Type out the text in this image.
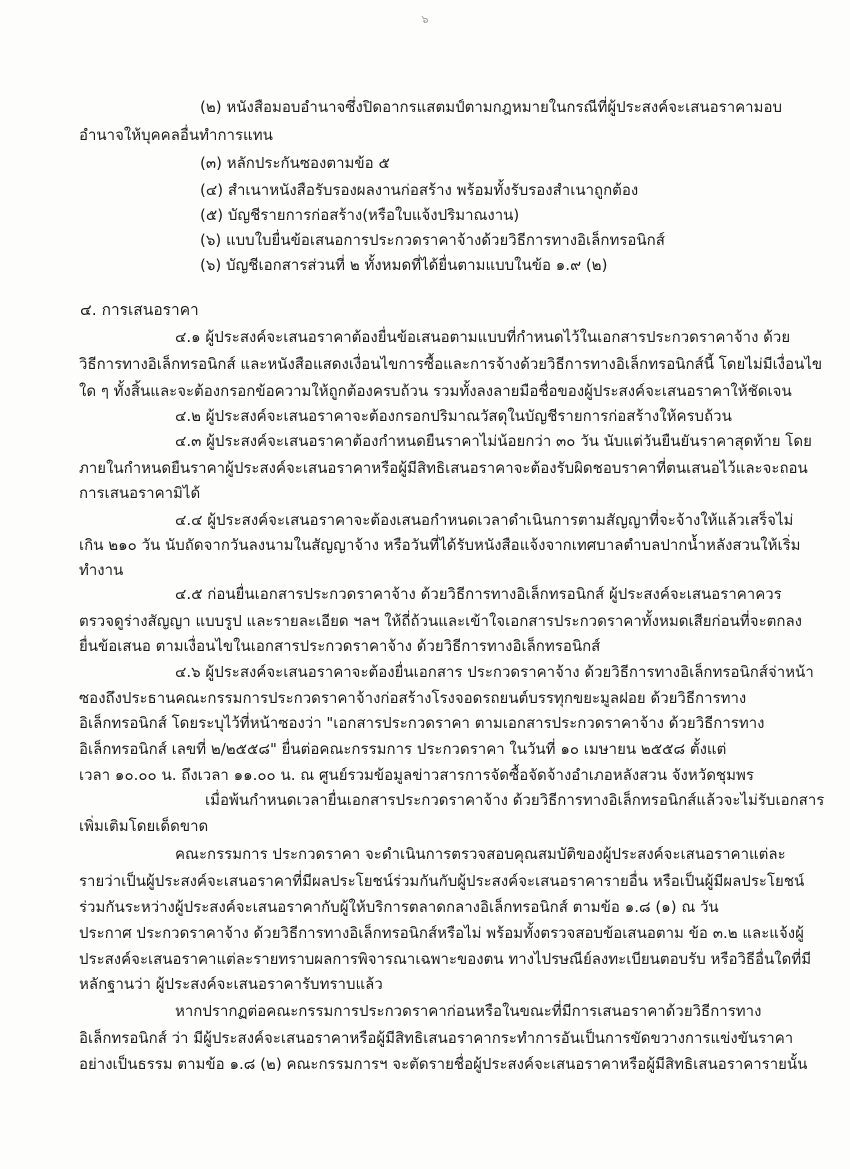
๖
(๒) หนังสือมอบอำนาจซึ่งปิดอากรแสตมป์ตามกฎหมายในกรณีที่ผู้ประสงค์จะเสนอราคามอบ
อำนาจให้บุคคลอื่นทำการแทน
(๓) หลักประกันซองตามข้อ ๕
(๔) สำเนาหนังสือรับรองผลงานก่อสร้าง พร้อมทั้งรับรองสำเนาถูกต้อง
(๕) บัญชีรายการก่อสร้าง(หรือใบแจ้งปริมาณงาน)
(๖) แบบใบยื่นข้อเสนอการประกวดราคาจ้างด้วยวิธีการทางอิเล็กทรอนิกส์
(๖) บัญชีเอกสารส่วนที่ ๒ ทั้งหมดที่ได้ยื่นตามแบบในข้อ ๑.๙ (๒)
๔. การเสนอราคา
๔.๑ ผู้ประสงค์จะเสนอราคาต้องยื่นข้อเสนอตามแบบที่กำหนดไว้ในเอกสารประกวดราคาจ้าง ด้วย
วิธีการทางอิเล็กทรอนิกส์ และหนังสือแสดงเงื่อนไขการซื้อและการจ้างด้วยวิธีการทางอิเล็กทรอนิกส์นี้ โดยไม่มีเงื่อนไข
ใด ๆ ทั้งสิ้นและจะต้องกรอกข้อความให้ถูกต้องครบถ้วน รวมทั้งลงลายมือชื่อของผู้ประสงค์จะเสนอราคาให้ชัดเจน
๔.๒ ผู้ประสงค์จะเสนอราคาจะต้องกรอกปริมาณวัสดุในบัญชีรายการก่อสร้างให้ครบถ้วน
๔.๓ ผู้ประสงค์จะเสนอราคาต้องกำหนดยืนราคาไม่น้อยกว่า ๓๐ วัน นับแต่วันยืนยันราคาสุดท้าย โดย
ภายในกำหนดยืนราคาผู้ประสงค์จะเสนอราคาหรือผู้มีสิทธิเสนอราคาจะต้องรับผิดชอบราคาที่ตนเสนอไว้และจะถอน
การเสนอราคามิได้
๔.๔ ผู้ประสงค์จะเสนอราคาจะต้องเสนอกำหนดเวลาดำเนินการตามสัญญาที่จะจ้างให้แล้วเสร็จไม่
เกิน ๒๑๐ วัน นับถัดจากวันลงนามในสัญญาจ้าง หรือวันที่ได้รับหนังสือแจ้งจากเทศบาลตำบลปากน้ำหลังสวนให้เริ่ม
ทำงาน
๔.๕ ก่อนยื่นเอกสารประกวดราคาจ้าง ด้วยวิธีการทางอิเล็กทรอนิกส์ ผู้ประสงค์จะเสนอราคาควร
ตรวจดูร่างสัญญา แบบรูป และรายละเอียด ฯลฯ ให้ถี่ถ้วนและเข้าใจเอกสารประกวดราคาทั้งหมดเสียก่อนที่จะตกลง
ยื่นข้อเสนอ ตามเงื่อนไขในเอกสารประกวดราคาจ้าง ด้วยวิธีการทางอิเล็กทรอนิกส์
๔.๖ ผู้ประสงค์จะเสนอราคาจะต้องยื่นเอกสาร ประกวดราคาจ้าง ด้วยวิธีการทางอิเล็กทรอนิกส์จ่าหน้า
ซองถึงประธานคณะกรรมการประกวดราคาจ้างก่อสร้างโรงจอดรถยนต์บรรทุกขยะมูลฝอย ด้วยวิธีการทาง
อิเล็กทรอนิกส์ โดยระบุไว้ที่หน้าซองว่า "เอกสารประกวดราคา ตามเอกสารประกวดราคาจ้าง ด้วยวิธีการทาง
อิเล็กทรอนิกส์ เลขที่ ๒/๒๕๕๘" ยื่นต่อคณะกรรมการ ประกวดราคา ในวันที่ ๑๐ เมษายน ๒๕๕๘ ตั้งแต่
เวลา ๑๐.๐๐ น. ถึงเวลา ๑๑.๐๐ น. ณ ศูนย์รวมข้อมูลข่าวสารการจัดซื้อจัดจ้างอำเภอหลังสวน จังหวัดชุมพร
เมื่อพ้นกำหนดเวลายื่นเอกสารประกวดราคาจ้าง ด้วยวิธีการทางอิเล็กทรอนิกส์แล้วจะไม่รับเอกสาร
เพิ่มเติมโดยเด็ดขาด
คณะกรรมการ ประกวดราคา จะดำเนินการตรวจสอบคุณสมบัติของผู้ประสงค์จะเสนอราคาแต่ละ
รายว่าเป็นผู้ประสงค์จะเสนอราคาที่มีผลประโยชน์ร่วมกันกับผู้ประสงค์จะเสนอราคารายอื่น หรือเป็นผู้มีผลประโยชน์
ร่วมกันระหว่างผู้ประสงค์จะเสนอราคากับผู้ให้บริการตลาดกลางอิเล็กทรอนิกส์ ตามข้อ ๑.๘ (๑) ณ วัน
ประกาศ ประกวดราคาจ้าง ด้วยวิธีการทางอิเล็กทรอนิกส์หรือไม่ พร้อมทั้งตรวจสอบข้อเสนอตาม ข้อ ๓.๒ และแจ้งผู้
ประสงค์จะเสนอราคาแต่ละรายทราบผลการพิจารณาเฉพาะของตน ทางไปรษณีย์ลงทะเบียนตอบรับ หรือวิธีอื่นใดที่มี
หลักฐานว่า ผู้ประสงค์จะเสนอราคารับทราบแล้ว
หากปรากฏต่อคณะกรรมการประกวดราคาก่อนหรือในขณะที่มีการเสนอราคาด้วยวิธีการทาง
อิเล็กทรอนิกส์ ว่า มีผู้ประสงค์จะเสนอราคาหรือผู้มีสิทธิเสนอราคากระทำการอันเป็นการขัดขวางการแข่งขันราคา
อย่างเป็นธรรม ตามข้อ ๑.๘ (๒) คณะกรรมการฯ จะตัดรายชื่อผู้ประสงค์จะเสนอราคาหรือผู้มีสิทธิเสนอราคารายนั้น
